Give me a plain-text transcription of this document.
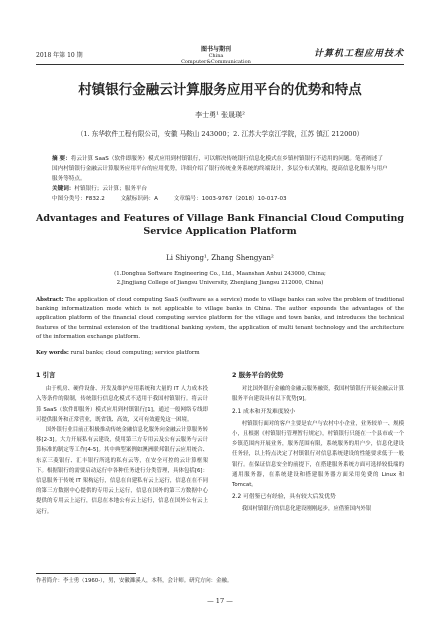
2018 年第 10 期
图书与期刊
China Computer&Communication
计算机工程应用技术
村镇银行金融云计算服务应用平台的优势和特点
李士勇¹ 张晟瑛²
（1. 东华软件工程有限公司，安徽 马鞍山 243000；2. 江苏大学京江学院，江苏 镇江 212000）
摘 要：将云计算 SaaS（软件即服务）模式应用到村镇银行，可以解决传统银行信息化模式在乡镇村镇银行不适用的问题。笔者阐述了国内村镇银行金融云计算服务应用平台的应用优势，详细介绍了银行传统业务系统的终端设计，多层分布式架构，提高信息化服务与用户服务等特点。
关键词：村镇银行；云计算；服务平台
中图分类号：F832.2	文献标识码：A	文章编号：1003-9767（2018）10-017-03
Advantages and Features of Village Bank Financial Cloud Computing Service Application Platform
Li Shiyong¹, Zhang Shengyan²
(1.Donghua Software Engineering Co., Ltd., Maanshan Anhui 243000, China;
2.Jingjiang College of Jiangsu University, Zhenjiang Jiangsu 212000, China)
Abstract: The application of cloud computing SaaS (software as a service) mode to village banks can solve the problem of traditional banking informatization mode which is not applicable to village banks in China. The author expounds the advantages of the application platform of the financial cloud computing service platform for the village and town banks, and introduces the technical features of the terminal extension of the traditional banking system, the application of multi tenant technology and the architecture of the information exchange platform.
Key words: rural banks; cloud computing; service platform
1 引言

由于机房、硬件设备、开发及维护应用系统和大量的 IT 人力成本投入等条件的限制，传统银行信息化模式不适用于我国村镇银行。将云计算 SaaS（软件即服务）模式应用到村镇银行[1]，通过一般网络专线即可提供服务和正常营业，既省钱、高效，又可有效避免这一困境。

国外银行业目前正积极推动传统金融信息化服务向金融云计算服务转移[2-3]。大力开展私有云建设，使用第三方专用云及公有云服务与云计算标准的制定等工作[4-5]。其中典型案例如澳洲联邦银行云应用统合、东京三菱银行、汇丰银行所选的私有云等，在安全可控的云计算框架下。根据银行的需要启动运行中各种任务进行分类管理，具体包括[6]：信息服务于传统 IT 架构运行，信息在自建私有云上运行，信息在在不同的第三方数据中心提供的专用云上运行，信息在国外的第三方数据中心提供的专用云上运行，信息在本地公有云上运行，信息在国外公有云上运行。

2 服务平台的优势

对比国外银行金融的金融云服务融资，我国村镇银行开展金融云计算服务平台建设具有以下优势[9]。

2.1 成本和开发难度较小

村镇银行面对的客户主要是农户与农村中小企业，业务较单一、规模小，且根据《村镇银行管理暂行规定》，村镇银行只能在一个县市或一个乡镇范围内开展业务，服务范围有限，系统服务的用户少，信息化建设任务轻，以上特点决定了村镇银行对信息系统建设的性能要求低于一般银行。在保证信息安全的前提下，在搭建服务系统方面可选择较低端的通用服务器，在系统建设和搭建服务器方面采用免费的 Linux 和 Tomcat。

2.2 可借鉴已有经验，具有较大后发优势

我国村镇银行的信息化建设刚刚起步，应借鉴国内外银

作者简介：李士勇（1960-），男，安徽濉溪人，本科，会计师。研究方向：金融。
— 17 —
